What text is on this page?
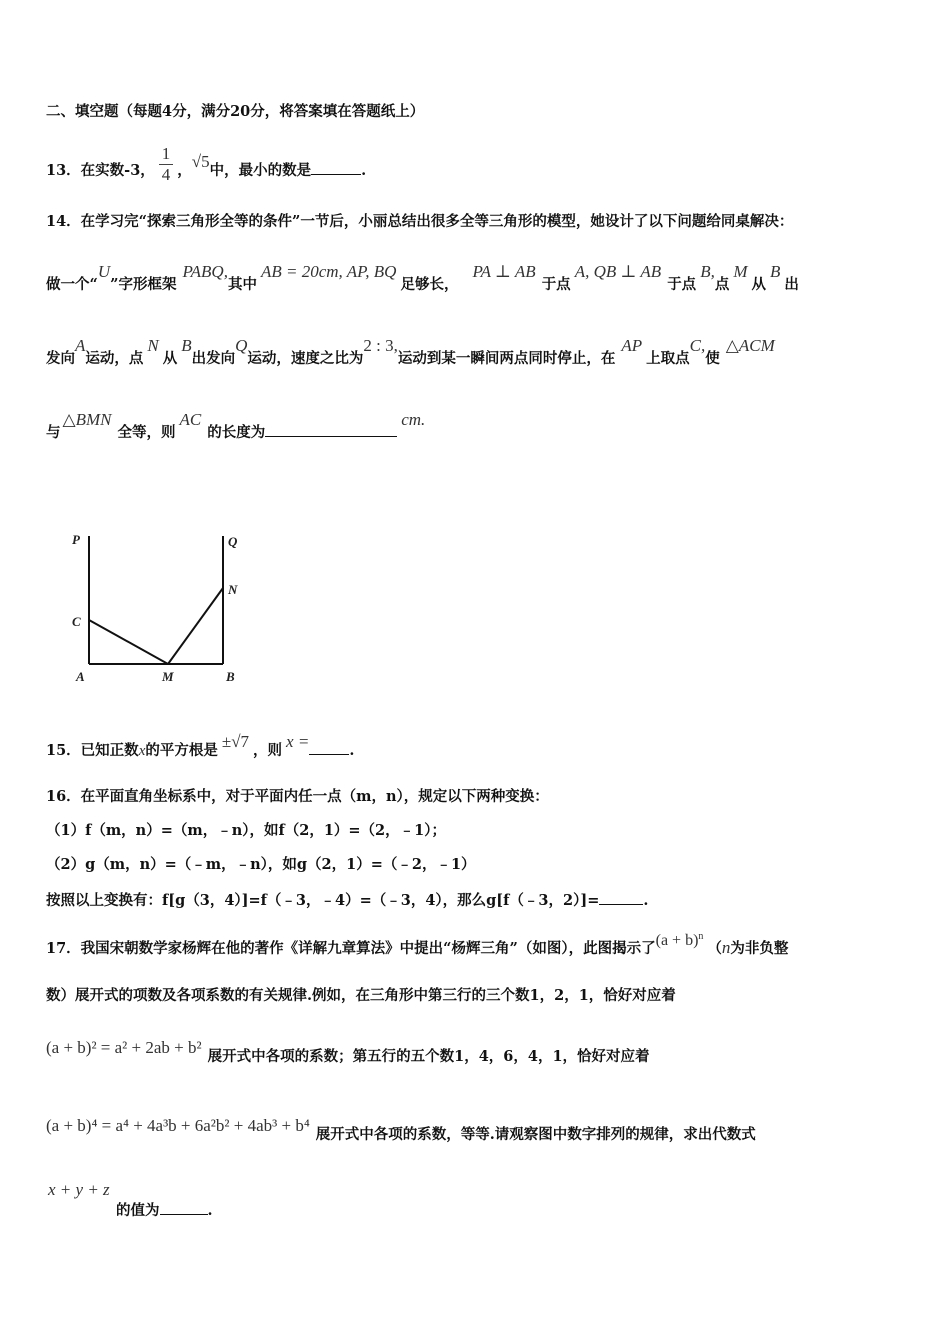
二、填空题（每题4分，满分20分，将答案填在答题纸上）
13．在实数-3， $\frac{1}{4}$ ，√5中，最小的数是	.
14．在学习完“探索三角形全等的条件”一节后，小丽总结出很多全等三角形的模型，她设计了以下问题给同桌解决：
做一个“U”字形框架PABQ,其中AB = 20cm, AP, BQ足够长，PA ⊥ AB于点A, QB ⊥ AB于点B,点M从B出
发向A运动，点N从B出发向Q运动，速度之比为2 : 3,运动到某一瞬间两点同时停止，在AP上取点C,使△ACM
与△BMN全等，则AC的长度为cm.
P	Q
C
N
A	M	B
15．已知正数x的平方根是 ±√7 ，则 x =	.
16．在平面直角坐标系中，对于平面内任一点（m，n），规定以下两种变换：
（1）f（m，n）=（m，﹣n），如f（2，1）=（2，﹣1）；
（2）g（m，n）=（﹣m，﹣n），如g（2，1）=（﹣2，﹣1）
按照以上变换有：f[g（3，4）]=f（﹣3，﹣4）=（﹣3，4），那么g[f（﹣3，2）]=	.
17．我国宋朝数学家杨辉在他的著作《详解九章算法》中提出“杨辉三角”（如图），此图揭示了$(a + b)^n(n$为非负整
数）展开式的项数及各项系数的有关规律.例如，在三角形中第三行的三个数1，2，1，恰好对应着
(a + b)² = a² + 2ab + b² 展开式中各项的系数；第五行的五个数1，4，6，4，1，恰好对应着
(a + b)⁴ = a⁴ + 4a³b + 6a²b² + 4ab³ + b⁴ 展开式中各项的系数，等等.请观察图中数字排列的规律，求出代数式
x + y + z
的值为	.
